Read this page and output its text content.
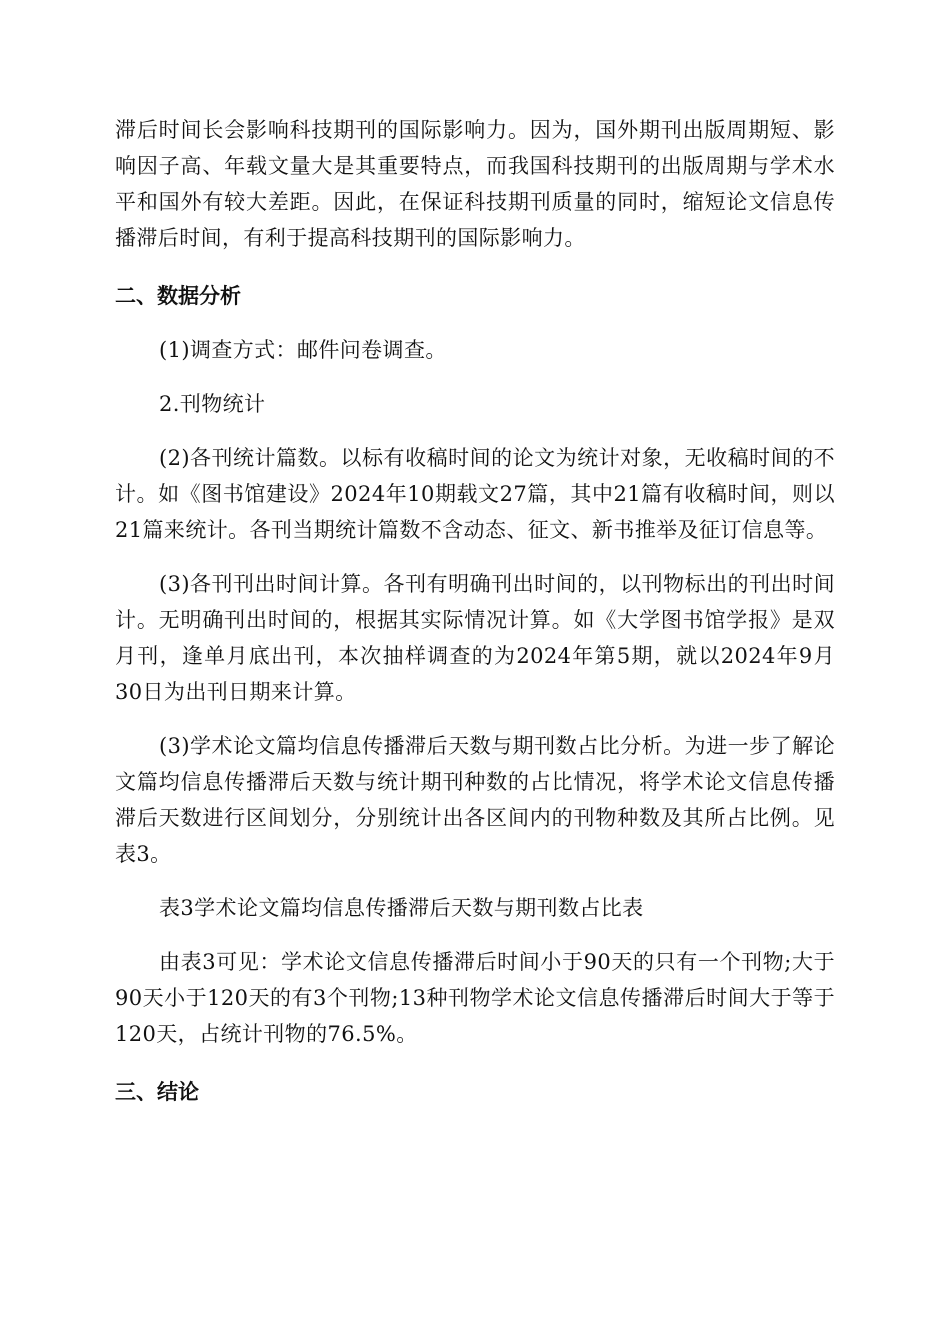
滞后时间长会影响科技期刊的国际影响力。因为，国外期刊出版周期短、影响因子高、年载文量大是其重要特点，而我国科技期刊的出版周期与学术水平和国外有较大差距。因此，在保证科技期刊质量的同时，缩短论文信息传播滞后时间，有利于提高科技期刊的国际影响力。

二、数据分析

(1)调查方式：邮件问卷调查。

2.刊物统计

(2)各刊统计篇数。以标有收稿时间的论文为统计对象，无收稿时间的不计。如《图书馆建设》2024年10期载文27篇，其中21篇有收稿时间，则以21篇来统计。各刊当期统计篇数不含动态、征文、新书推举及征订信息等。

(3)各刊刊出时间计算。各刊有明确刊出时间的，以刊物标出的刊出时间计。无明确刊出时间的，根据其实际情况计算。如《大学图书馆学报》是双月刊，逢单月底出刊，本次抽样调查的为2024年第5期，就以2024年9月30日为出刊日期来计算。

(3)学术论文篇均信息传播滞后天数与期刊数占比分析。为进一步了解论文篇均信息传播滞后天数与统计期刊种数的占比情况，将学术论文信息传播滞后天数进行区间划分，分别统计出各区间内的刊物种数及其所占比例。见表3。

表3学术论文篇均信息传播滞后天数与期刊数占比表

由表3可见：学术论文信息传播滞后时间小于90天的只有一个刊物;大于90天小于120天的有3个刊物;13种刊物学术论文信息传播滞后时间大于等于120天，占统计刊物的76.5%。

三、结论
